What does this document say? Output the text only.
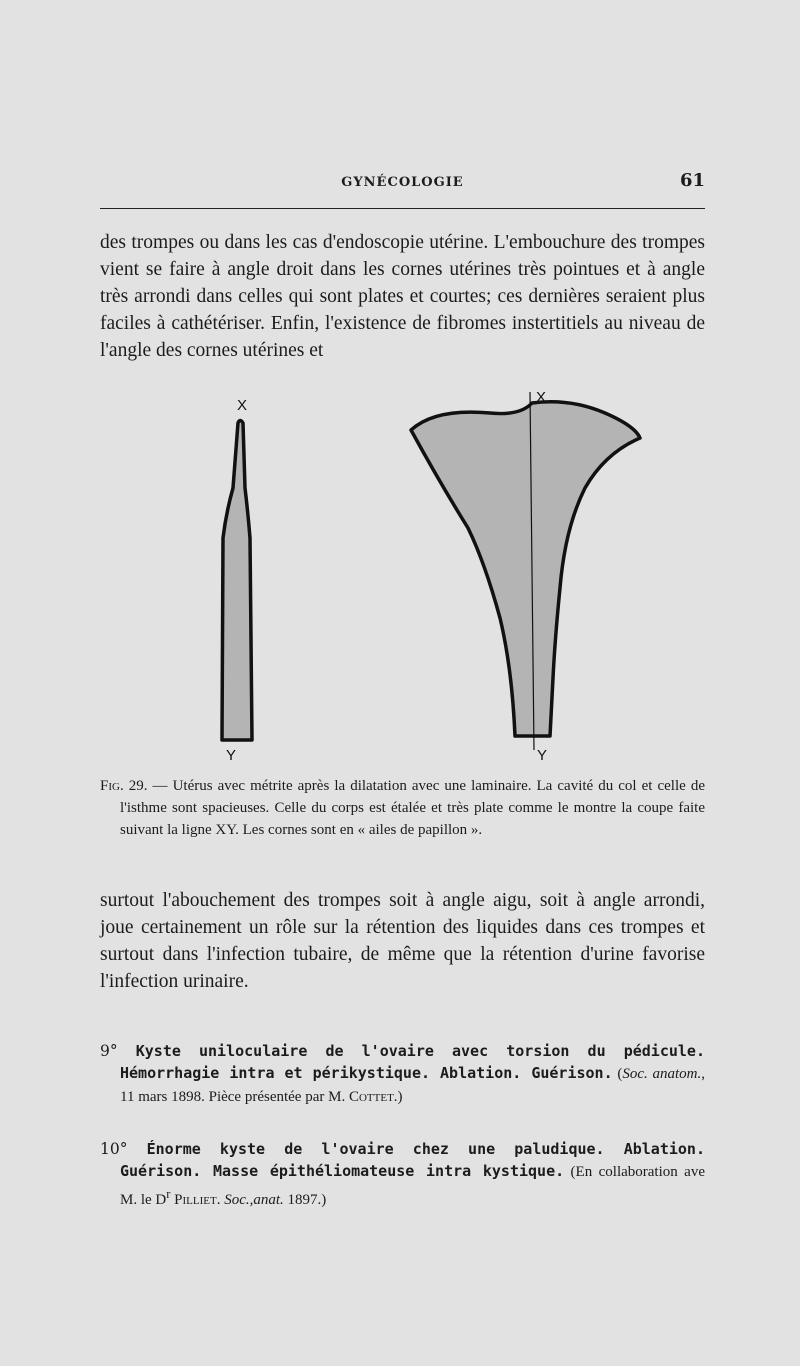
GYNÉCOLOGIE	61
des trompes ou dans les cas d'endoscopie utérine. L'embouchure des trompes vient se faire à angle droit dans les cornes utérines très pointues et à angle très arrondi dans celles qui sont plates et courtes; ces dernières seraient plus faciles à cathétériser. Enfin, l'existence de fibromes instertitiels au niveau de l'angle des cornes utérines et
X
Y
X
Y
Fig. 29. — Utérus avec métrite après la dilatation avec une laminaire. La cavité du col et celle de l'isthme sont spacieuses. Celle du corps est étalée et très plate comme le montre la coupe faite suivant la ligne XY. Les cornes sont en « ailes de papillon ».
surtout l'abouchement des trompes soit à angle aigu, soit à angle arrondi, joue certainement un rôle sur la rétention des liquides dans ces trompes et surtout dans l'infection tubaire, de même que la rétention d'urine favorise l'infection urinaire.
9° Kyste uniloculaire de l'ovaire avec torsion du pédicule. Hémorrhagie intra et périkystique. Ablation. Guérison. (Soc. anatom., 11 mars 1898. Pièce présentée par M. Cottet.)
10° Énorme kyste de l'ovaire chez une paludique. Ablation. Guérison. Masse épithéliomateuse intra kystique. (En collaboration ave M. le $D^r$ Pilliet. Soc.,anat. 1897.)
